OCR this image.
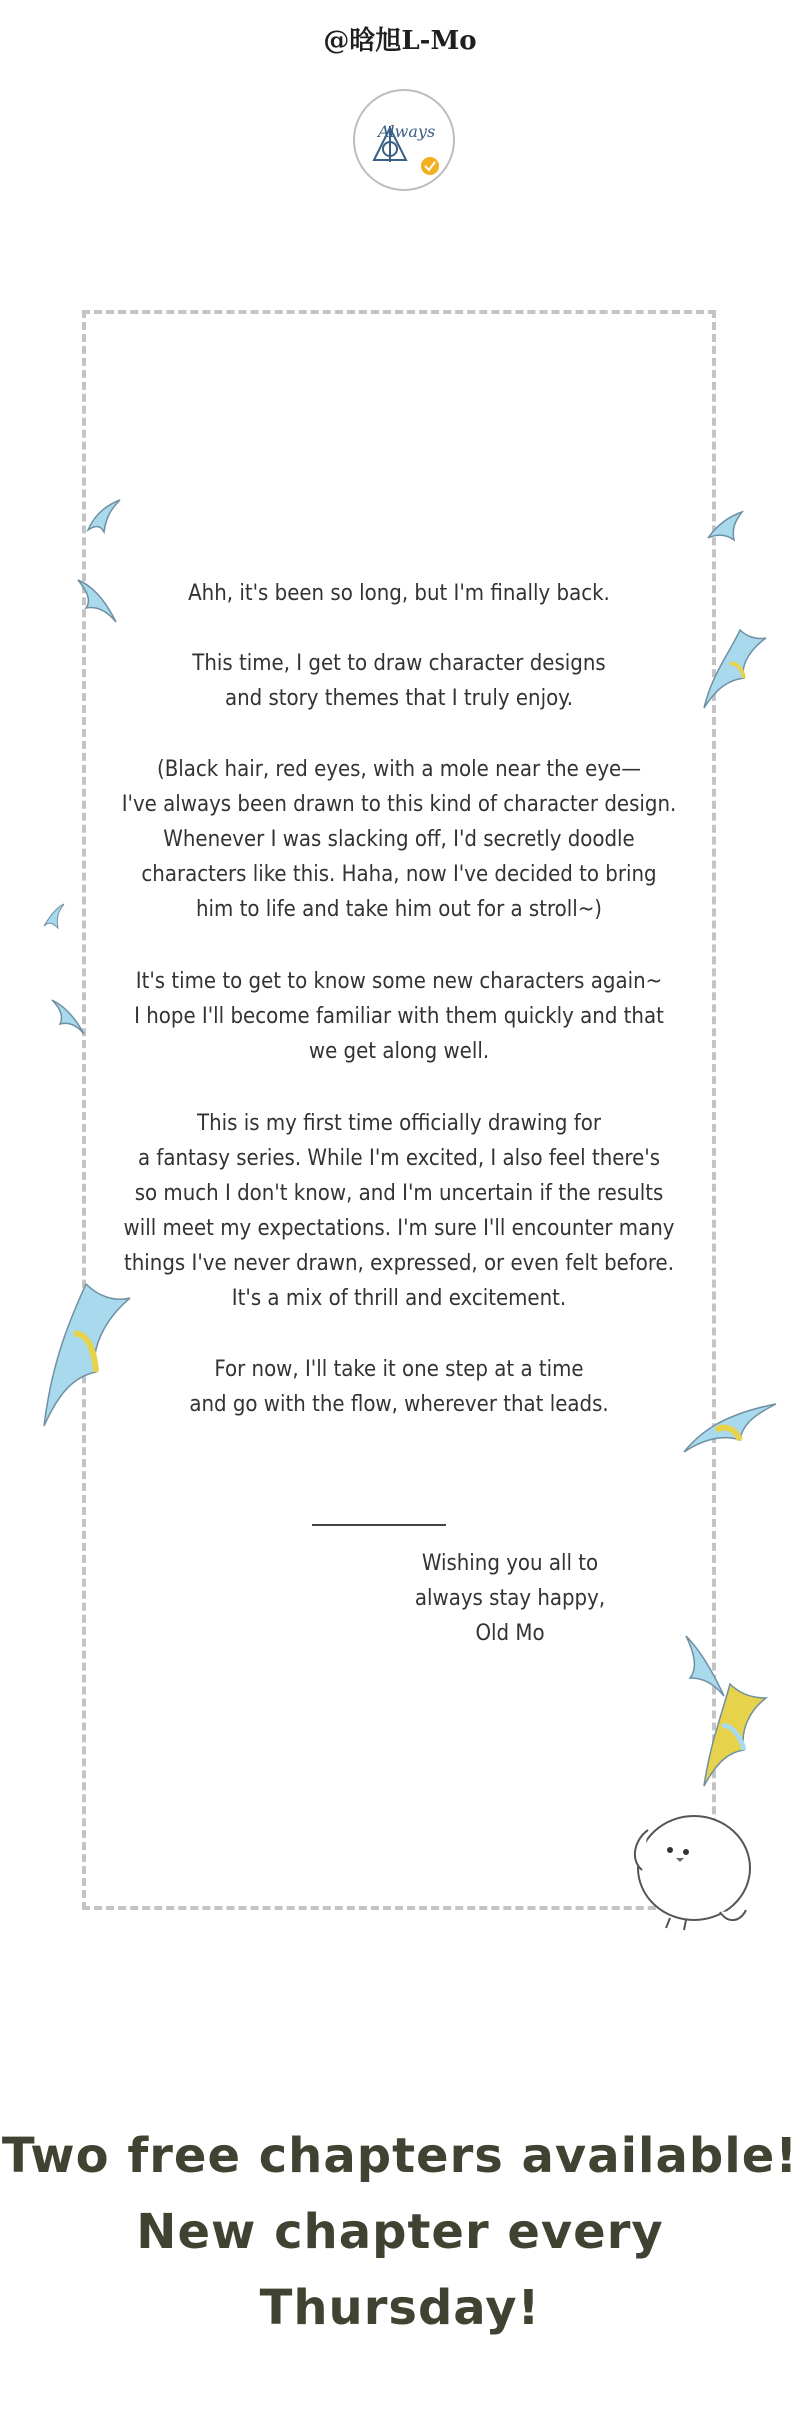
@晗旭L-Mo
Always
Ahh, it's been so long, but I'm finally back.
This time, I get to draw character designs
and story themes that I truly enjoy.
(Black hair, red eyes, with a mole near the eye—
I've always been drawn to this kind of character design.
Whenever I was slacking off, I'd secretly doodle
characters like this. Haha, now I've decided to bring
him to life and take him out for a stroll~)
It's time to get to know some new characters again~
I hope I'll become familiar with them quickly and that
we get along well.
This is my first time officially drawing for
a fantasy series. While I'm excited, I also feel there's
so much I don't know, and I'm uncertain if the results
will meet my expectations. I'm sure I'll encounter many
things I've never drawn, expressed, or even felt before.
It's a mix of thrill and excitement.
For now, I'll take it one step at a time
and go with the flow, wherever that leads.
Wishing you all to
always stay happy,
Old Mo
Two free chapters available!
New chapter every Thursday!
